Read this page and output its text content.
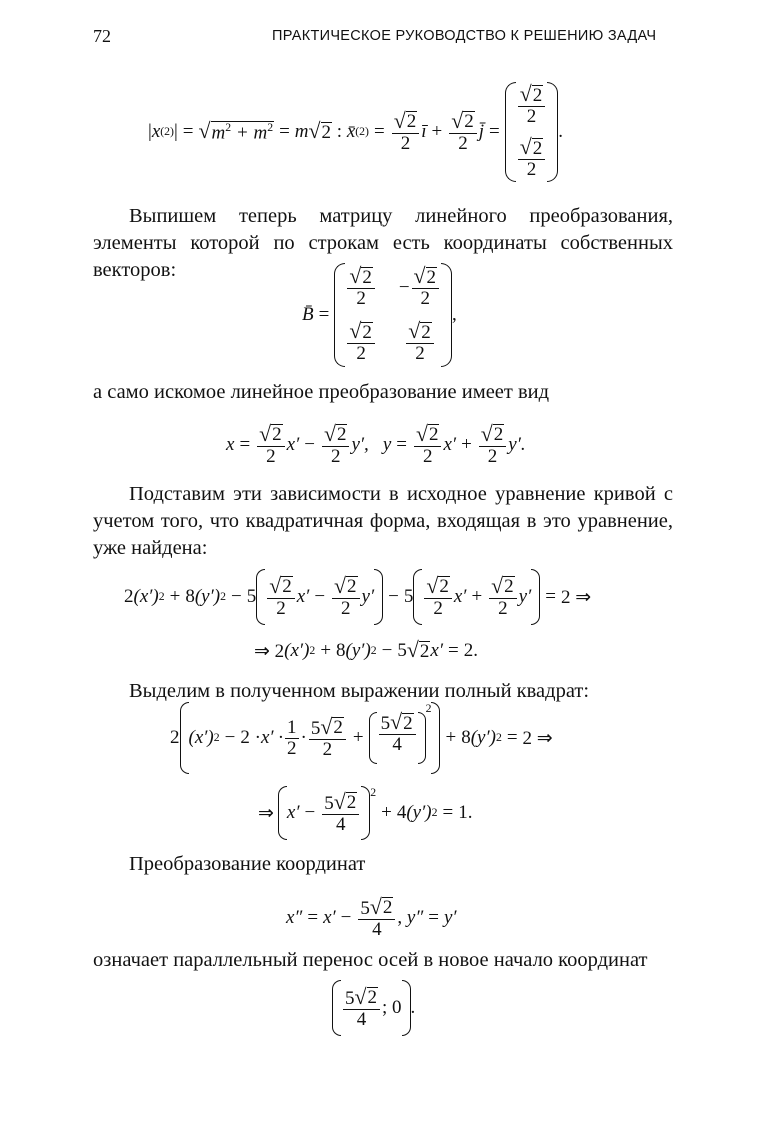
72	ПРАКТИЧЕСКОЕ РУКОВОДСТВО К РЕШЕНИЮ ЗАДАЧ
| x (2) | = √ $m^2 + m^2 = m$ √ 2 : x̄ $(2) = \frac{√ 2}{2}$ ī + $\frac{√ 2}{2}$ j̄ =
$\frac{√ 2}{2}$
$\frac{√ 2}{2}$
.
Выпишем теперь матрицу линейного преобразования, элементы которой по строкам есть координаты собственных векторов:
B̄ =
$\frac{√ 2}{2} - \frac{√ 2}{2}$
$\frac{√ 2}{2} \frac{√ 2}{2}$
,
а само искомое линейное преобразование имеет вид
$x = \frac{√ 2}{2} x' - \frac{√ 2}{2} y'$, $y = \frac{√ 2}{2} x' + \frac{√ 2}{2} y'$.
Подставим эти зависимости в исходное уравнение кривой с учетом того, что квадратичная форма, входящая в это уравнение, уже найдена:
2 (x′) 2 + 8 (y′) $2 - 5 \frac{√ 2}{2} x' - \frac{√ 2}{2} y' - 5 \frac{√ 2}{2} x' + \frac{√ 2}{2} y' = 2$ ⇒
⇒ 2 (x′) 2 + 8 (y′) 2 − 5 √ 2 x′ = 2.
Выделим в полученном выражении полный квадрат:
2 (x′) $2 - 2 \cdot x' \cdot \frac{1}{2} \cdot \frac{5 √ 2}{2} + \frac{5 √ 2}{4}$
2
+ 8 (y′) 2 = 2 ⇒
⇒ $x' - \frac{5 √ 2}{4} 2$
+ 4 (y′) 2 = 1.
Преобразование координат
$x'' = x' - \frac{5 √ 2}{4}$ , y″ = y′
означает параллельный перенос осей в новое начало координат
$\frac{5 √ 2}{4}$ ; 0 .
